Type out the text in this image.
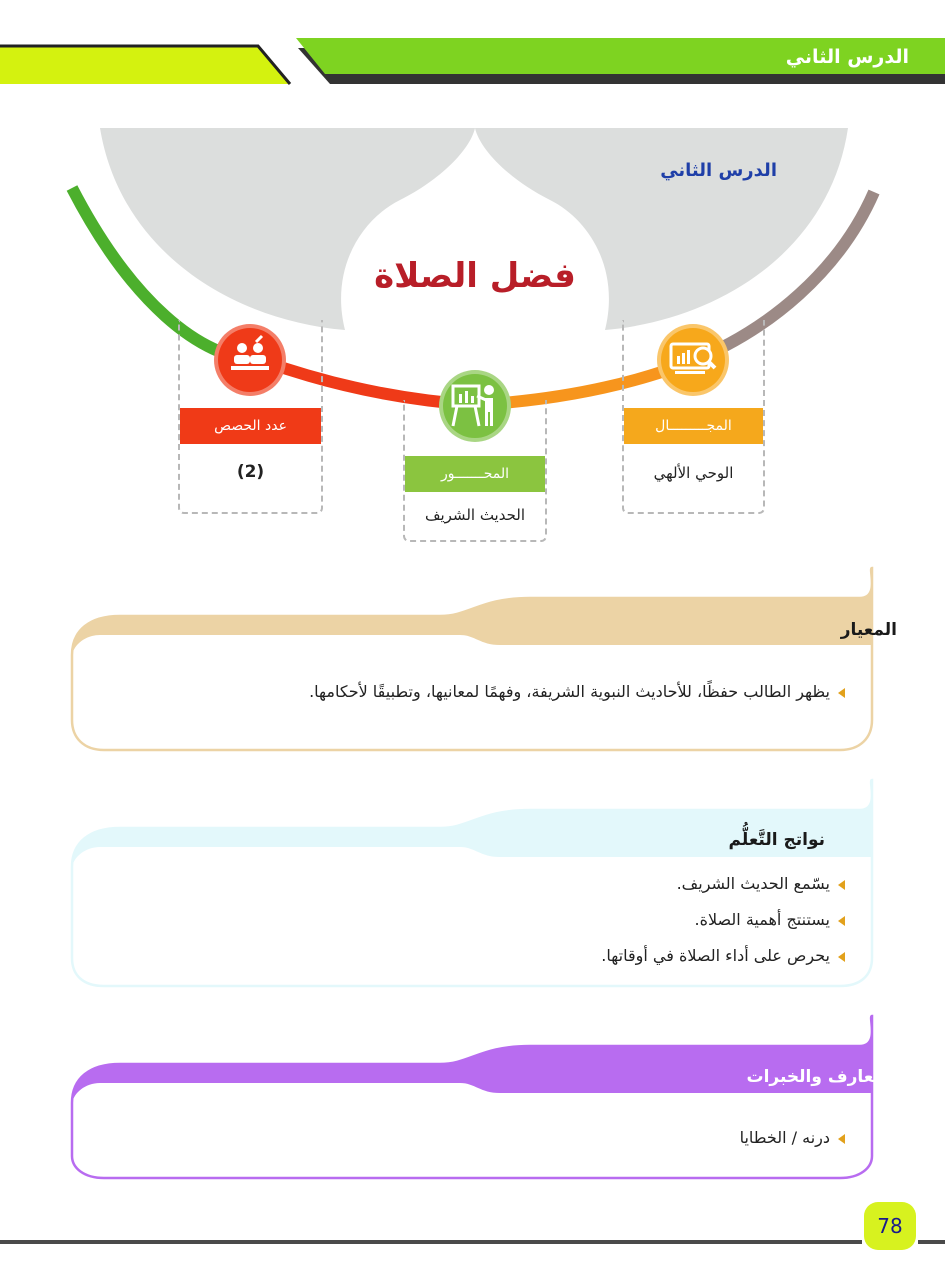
الدرس الثاني
الدرس الثاني
فضل الصلاة
عدد الحصص
(2)	المحـــــــور
الحديث الشريف
المجـــــــــال
الوحي الألهي
المعيار
يظهر الطالب حفظًا، للأحاديث النبوية الشريفة، وفهمًا لمعانيها، وتطبيقًا لأحكامها.
نواتج التَّعلُّم
يسّمع الحديث الشريف.
يستنتج أهمية الصلاة.
يحرص على أداء الصلاة في أوقاتها.
المعارف والخبرات
درنه / الخطايا
78
